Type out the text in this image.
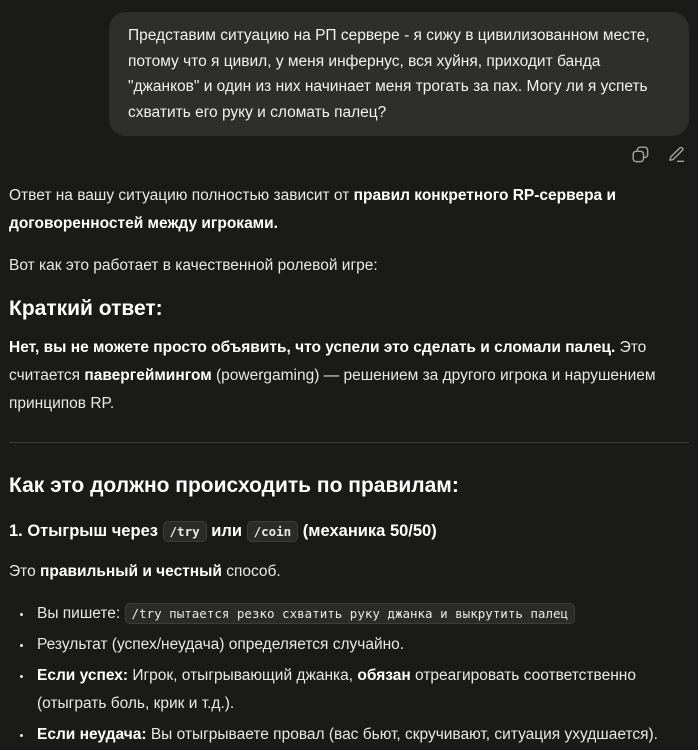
Представим ситуацию на РП сервере - я сижу в цивилизованном месте, потому что я цивил, у меня инфернус, вся хуйня, приходит банда "джанков" и один из них начинает меня трогать за пах. Могу ли я успеть схватить его руку и сломать палец?

Ответ на вашу ситуацию полностью зависит от правил конкретного RP-сервера и договоренностей между игроками.

Вот как это работает в качественной ролевой игре:

Краткий ответ:

Нет, вы не можете просто объявить, что успели это сделать и сломали палец. Это считается павергеймингом (powergaming) — решением за другого игрока и нарушением принципов RP.

Как это должно происходить по правилам:
1. Отыгрыш через /try или /coin (механика 50/50)

Это правильный и честный способ.

• Вы пишете: /try пытается резко схватить руку джанка и выкрутить палец
• Результат (успех/неудача) определяется случайно.
• Если успех: Игрок, отыгрывающий джанка, обязан отреагировать соответственно (отыграть боль, крик и т.д.).
• Если неудача: Вы отыгрываете провал (вас бьют, скручивают, ситуация ухудшается).
